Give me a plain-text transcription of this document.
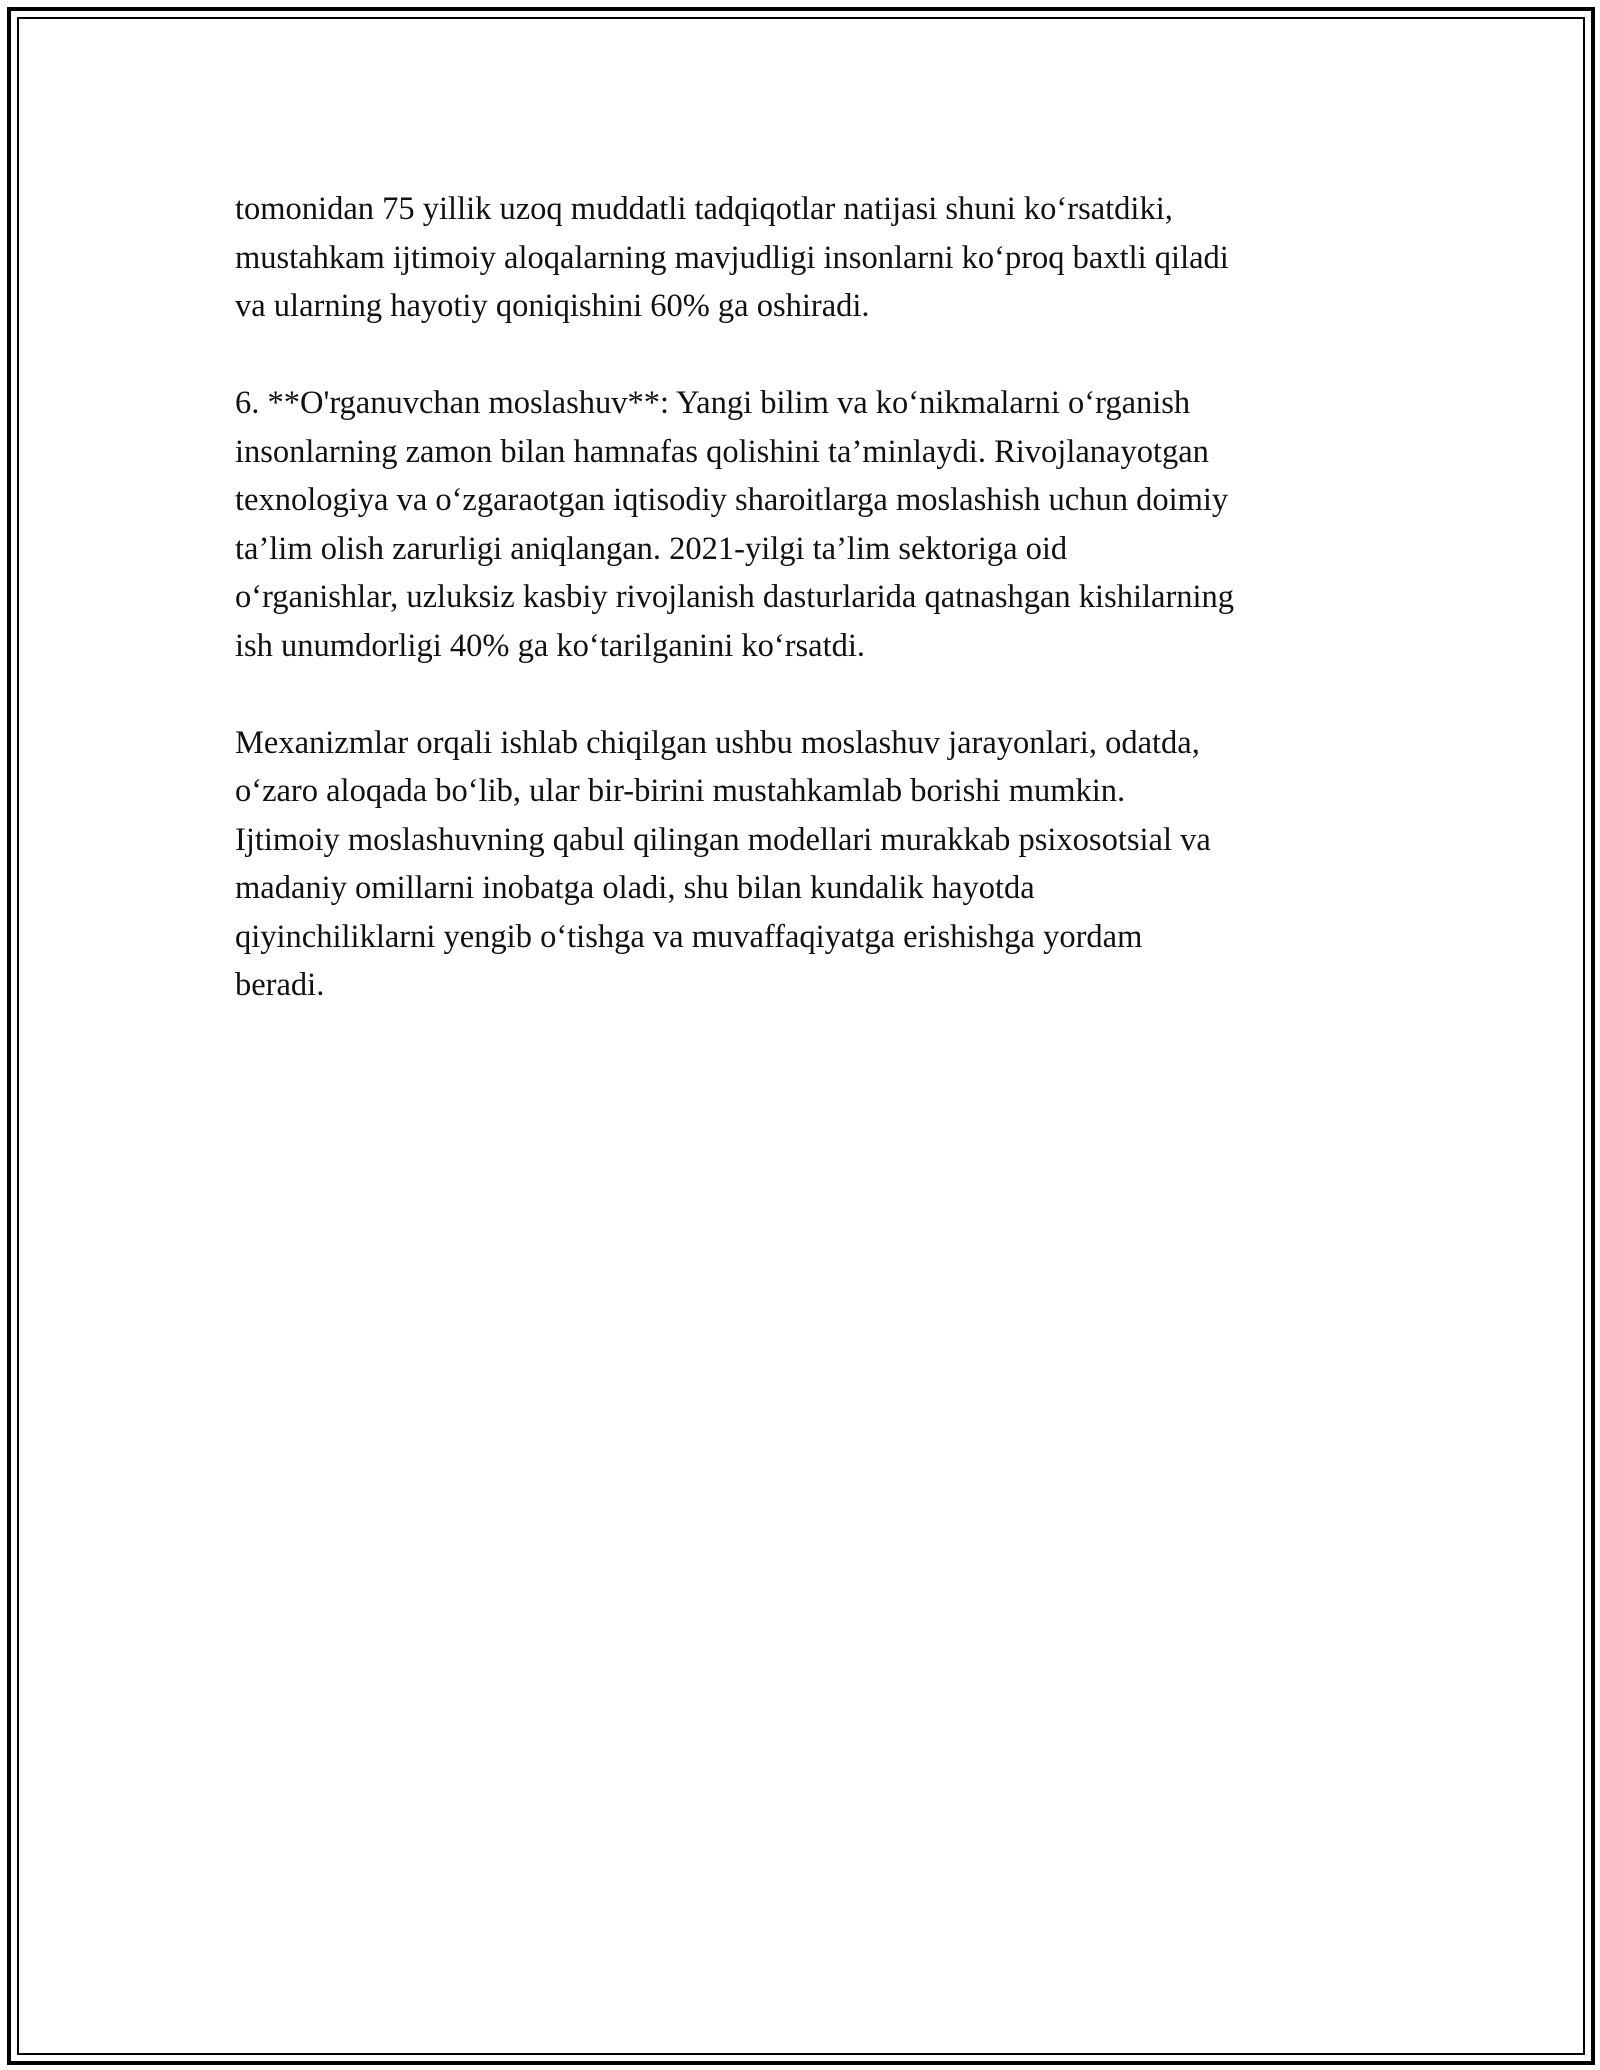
tomonidan 75 yillik uzoq muddatli tadqiqotlar natijasi shuni ko‘rsatdiki,
mustahkam ijtimoiy aloqalarning mavjudligi insonlarni ko‘proq baxtli qiladi
va ularning hayotiy qoniqishini 60% ga oshiradi.

6. **O'rganuvchan moslashuv**: Yangi bilim va ko‘nikmalarni o‘rganish
insonlarning zamon bilan hamnafas qolishini ta’minlaydi. Rivojlanayotgan
texnologiya va o‘zgaraotgan iqtisodiy sharoitlarga moslashish uchun doimiy
ta’lim olish zarurligi aniqlangan. 2021-yilgi ta’lim sektoriga oid
o‘rganishlar, uzluksiz kasbiy rivojlanish dasturlarida qatnashgan kishilarning
ish unumdorligi 40% ga ko‘tarilganini ko‘rsatdi.

Mexanizmlar orqali ishlab chiqilgan ushbu moslashuv jarayonlari, odatda,
o‘zaro aloqada bo‘lib, ular bir-birini mustahkamlab borishi mumkin.
Ijtimoiy moslashuvning qabul qilingan modellari murakkab psixosotsial va
madaniy omillarni inobatga oladi, shu bilan kundalik hayotda
qiyinchiliklarni yengib o‘tishga va muvaffaqiyatga erishishga yordam
beradi.
